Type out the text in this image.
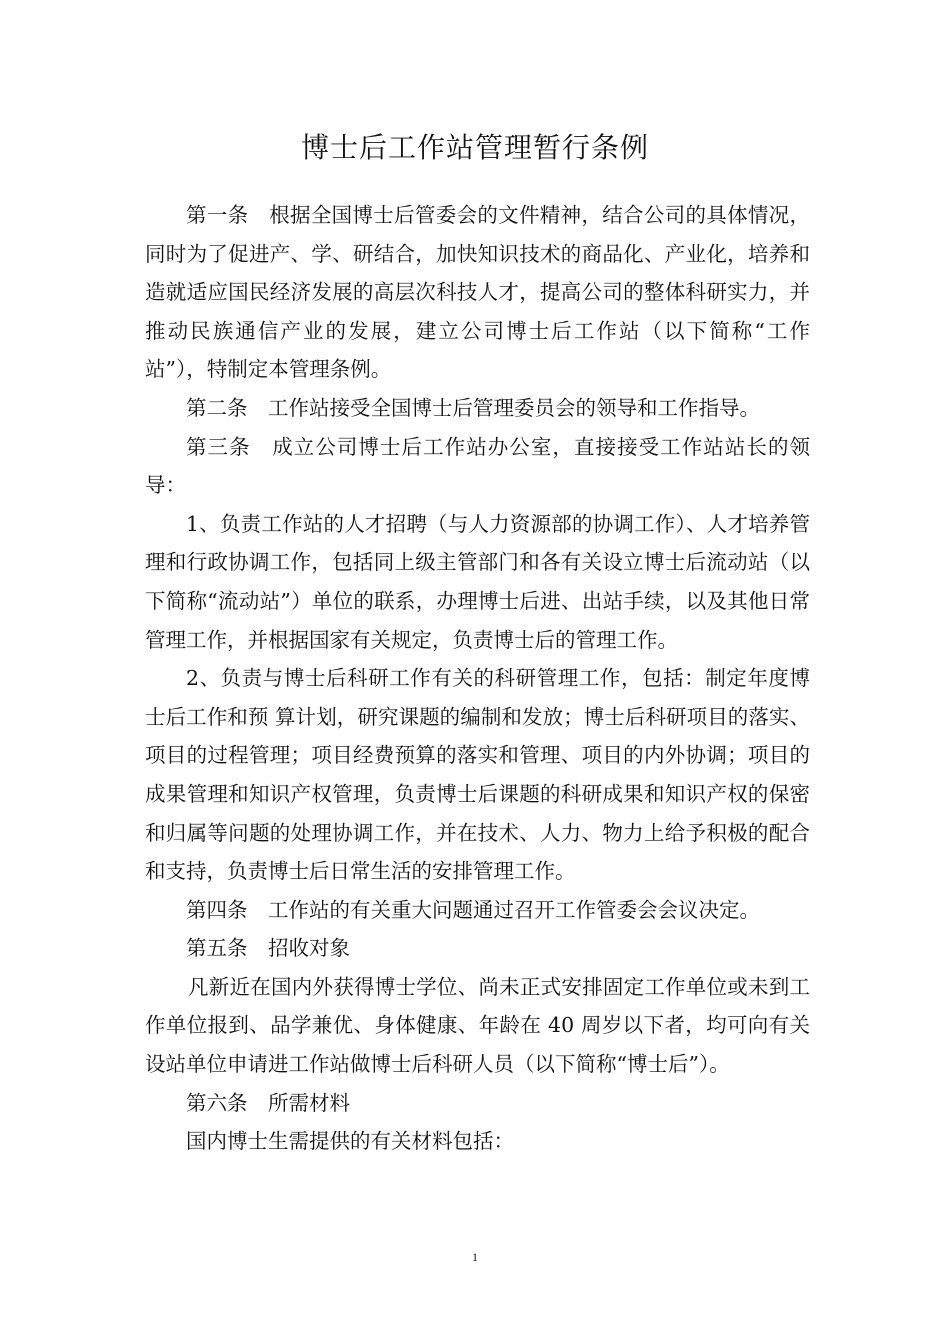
博士后工作站管理暂行条例

第一条　根据全国博士后管委会的文件精神，结合公司的具体情况，同时为了促进产、学、研结合，加快知识技术的商品化、产业化，培养和造就适应国民经济发展的高层次科技人才，提高公司的整体科研实力，并推动民族通信产业的发展，建立公司博士后工作站（以下简称“工作站”），特制定本管理条例。

第二条　工作站接受全国博士后管理委员会的领导和工作指导。

第三条　成立公司博士后工作站办公室，直接接受工作站站长的领导：

1、负责工作站的人才招聘（与人力资源部的协调工作）、人才培养管理和行政协调工作，包括同上级主管部门和各有关设立博士后流动站（以下简称“流动站”）单位的联系，办理博士后进、出站手续，以及其他日常管理工作，并根据国家有关规定，负责博士后的管理工作。

2、负责与博士后科研工作有关的科研管理工作，包括：制定年度博士后工作和预 算计划，研究课题的编制和发放；博士后科研项目的落实、项目的过程管理；项目经费预算的落实和管理、项目的内外协调；项目的成果管理和知识产权管理，负责博士后课题的科研成果和知识产权的保密和归属等问题的处理协调工作，并在技术、人力、物力上给予积极的配合和支持，负责博士后日常生活的安排管理工作。

第四条　工作站的有关重大问题通过召开工作管委会会议决定。

第五条　招收对象

凡新近在国内外获得博士学位、尚未正式安排固定工作单位或未到工作单位报到、品学兼优、身体健康、年龄在 40 周岁以下者，均可向有关设站单位申请进工作站做博士后科研人员（以下简称“博士后”）。

第六条　所需材料

国内博士生需提供的有关材料包括：

1
